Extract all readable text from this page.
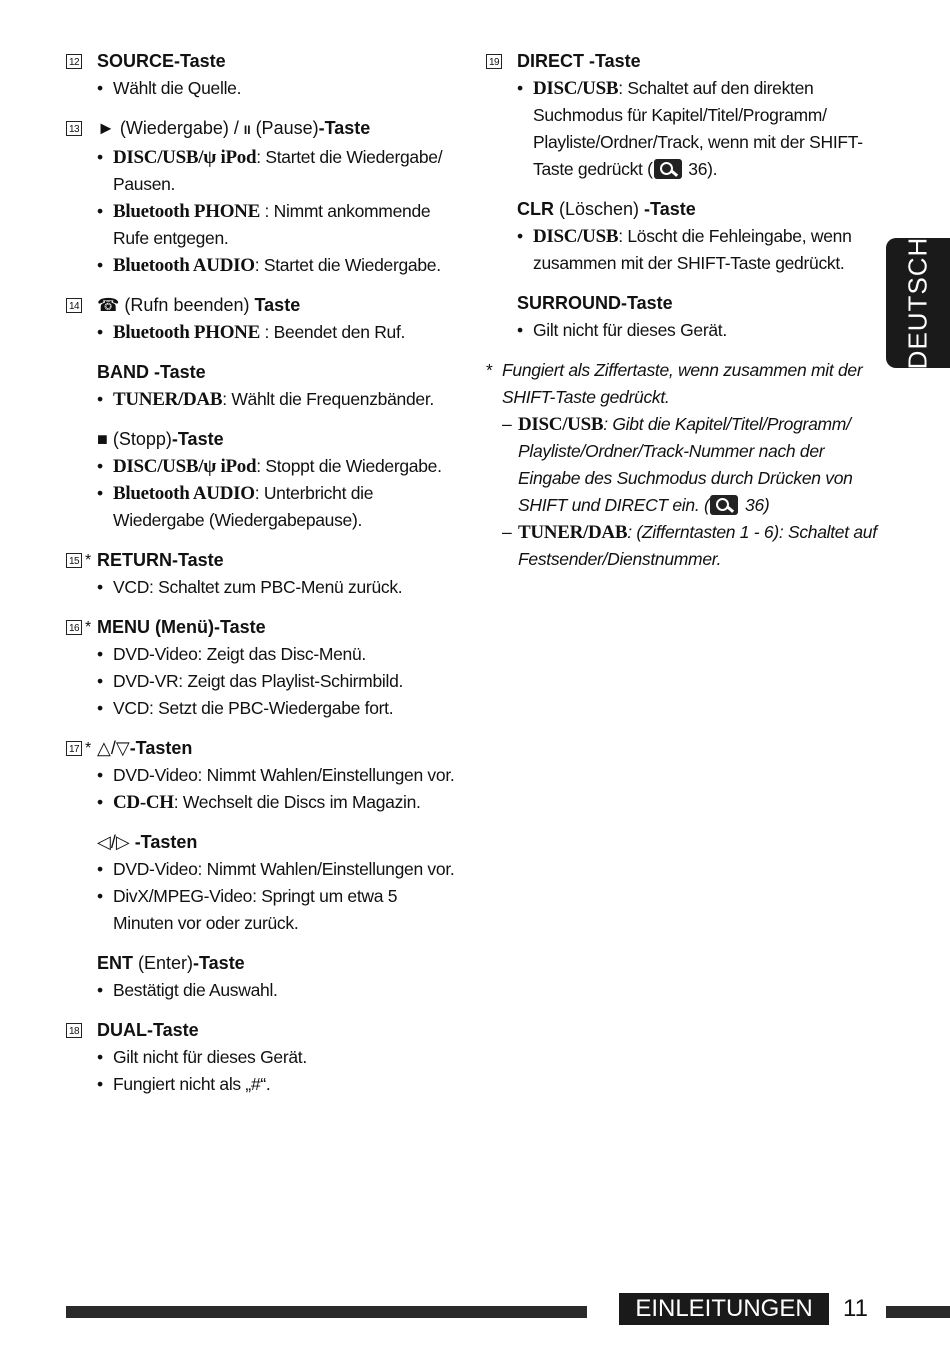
12 SOURCE-Taste
• Wählt die Quelle.
13 ► (Wiedergabe) / II (Pause)-Taste
• DISC/USB/ψ iPod: Startet die Wiedergabe/ Pausen.
• Bluetooth PHONE : Nimmt ankommende Rufe entgegen.
• Bluetooth AUDIO: Startet die Wiedergabe.
14 ☎ (Rufn beenden) Taste
• Bluetooth PHONE : Beendet den Ruf.
BAND -Taste
• TUNER/DAB: Wählt die Frequenzbänder.
■ (Stopp)-Taste
• DISC/USB/ψ iPod: Stoppt die Wiedergabe.
• Bluetooth AUDIO: Unterbricht die Wiedergabe (Wiedergabepause).
15 * RETURN-Taste
• VCD: Schaltet zum PBC-Menü zurück.
16 * MENU (Menü)-Taste
• DVD-Video: Zeigt das Disc-Menü.
• DVD-VR: Zeigt das Playlist-Schirmbild.
• VCD: Setzt die PBC-Wiedergabe fort.
17 * △/▽-Tasten
• DVD-Video: Nimmt Wahlen/Einstellungen vor.
• CD-CH: Wechselt die Discs im Magazin.
◁/▷ -Tasten
• DVD-Video: Nimmt Wahlen/Einstellungen vor.
• DivX/MPEG-Video: Springt um etwa 5 Minuten vor oder zurück.
ENT (Enter)-Taste
• Bestätigt die Auswahl.
18 DUAL-Taste
• Gilt nicht für dieses Gerät.
• Fungiert nicht als „#“.
19 DIRECT -Taste
• DISC/USB: Schaltet auf den direkten Suchmodus für Kapitel/Titel/Programm/ Playliste/Ordner/Track, wenn mit der SHIFT-Taste gedrückt ( 36).
CLR (Löschen) -Taste
• DISC/USB: Löscht die Fehleingabe, wenn zusammen mit der SHIFT-Taste gedrückt.
SURROUND-Taste
• Gilt nicht für dieses Gerät.
* Fungiert als Ziffertaste, wenn zusammen mit der SHIFT-Taste gedrückt.
– DISC/USB: Gibt die Kapitel/Titel/Programm/ Playliste/Ordner/Track-Nummer nach der Eingabe des Suchmodus durch Drücken von SHIFT und DIRECT ein. ( 36)
– TUNER/DAB: (Zifferntasten 1 - 6): Schaltet auf Festsender/Dienstnummer.
DEUTSCH
EINLEITUNGEN	11
